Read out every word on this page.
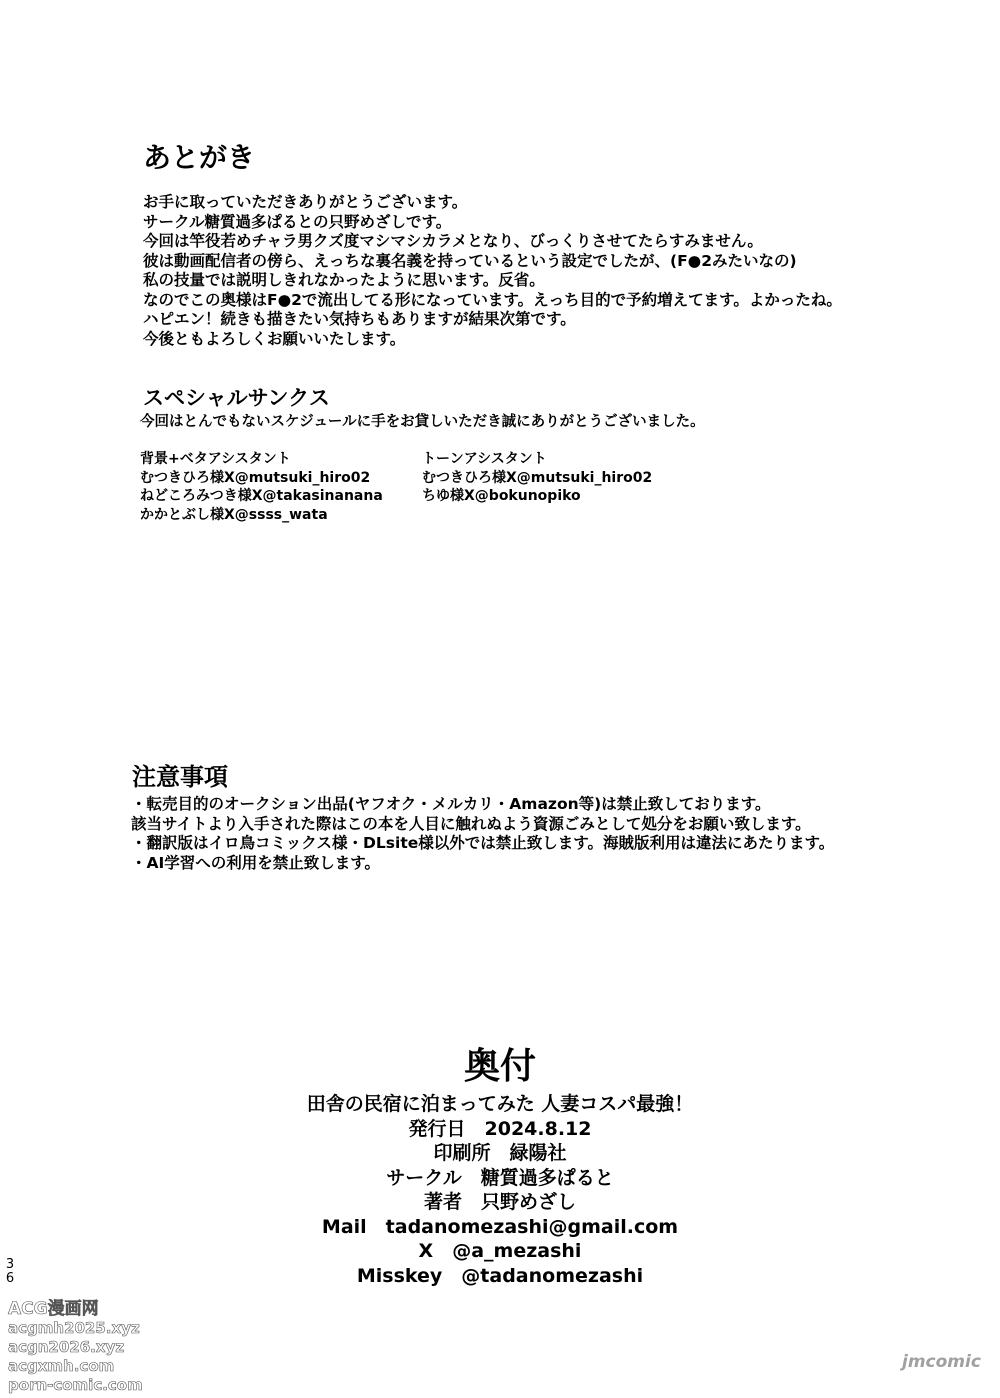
あとがき
お手に取っていただきありがとうございます。
サークル糖質過多ぱるとの只野めざしです。
今回は竿役若めチャラ男クズ度マシマシカラメとなり、びっくりさせてたらすみません。
彼は動画配信者の傍ら、えっちな裏名義を持っているという設定でしたが、(F●2みたいなの)
私の技量では説明しきれなかったように思います。反省。
なのでこの奥様はF●2で流出してる形になっています。えっち目的で予約増えてます。よかったね。
ハピエン！続きも描きたい気持ちもありますが結果次第です。
今後ともよろしくお願いいたします。
スペシャルサンクス
今回はとんでもないスケジュールに手をお貸しいただき誠にありがとうございました。
背景+ベタアシスタント
むつきひろ様X@mutsuki_hiro02
ねどころみつき様X@takasinanana
かかとぶし様X@ssss_wata
トーンアシスタント
むつきひろ様X@mutsuki_hiro02
ちゆ様X@bokunopiko
注意事項
・転売目的のオークション出品(ヤフオク・メルカリ・Amazon等)は禁止致しております。
該当サイトより入手された際はこの本を人目に触れぬよう資源ごみとして処分をお願い致します。
・翻訳版はイロ鳥コミックス様・DLsite様以外では禁止致します。海賊版利用は違法にあたります。
・AI学習への利用を禁止致します。
奥付
田舎の民宿に泊まってみた 人妻コスパ最強！
発行日　2024.8.12
印刷所　緑陽社
サークル　糖質過多ぱると
著者　只野めざし
Mail　tadanomezashi@gmail.com
X　@a_mezashi
Misskey　@tadanomezashi
3
6
ACG漫画网
acgmh2025.xyz
acgn2026.xyz
acgxmh.com
porn-comic.com
jmcomic
